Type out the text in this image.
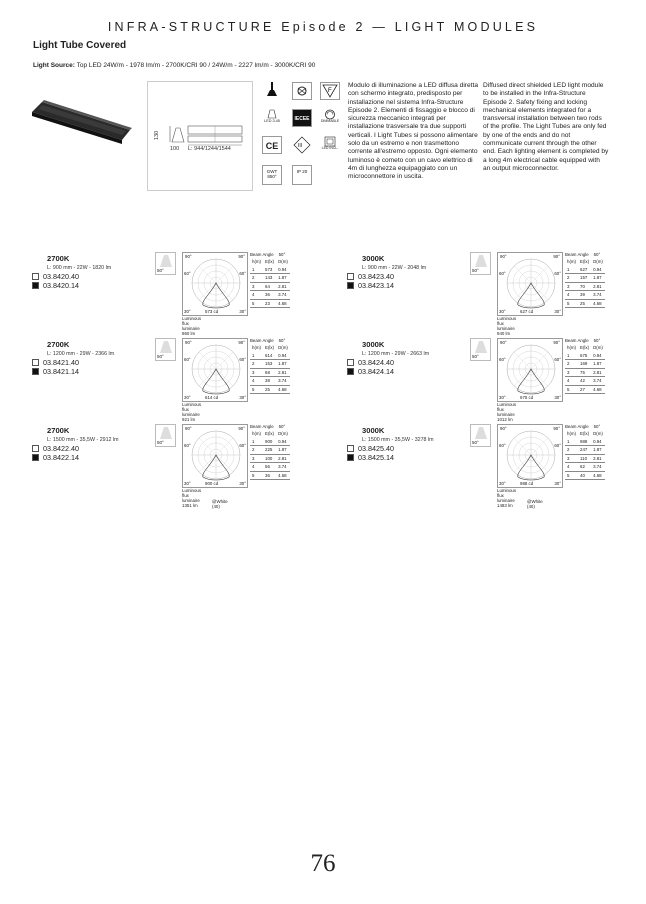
INFRA-STRUCTURE Episode 2 — LIGHT MODULES
Light Tube Covered
Light Source: Top LED 24W/m - 1978 lm/m - 2700K/CRI 90 / 24W/m - 2227 lm/m - 3000K/CRI 90
130
100 L: 944/1244/1544
F
LED 3.45	IECEE	DIMMABLE
CE	III	LED INCL.
GWT 850°
IP 20
Modulo di illuminazione a LED diffusa diretta con schermo integrato, predisposto per installazione nel sistema Infra-Structure Episode 2. Elementi di fissaggio e blocco di sicurezza meccanico integrati per installazione trasversale tra due supporti verticali. I Light Tubes si possono alimentare solo da un estremo e non trasmettono corrente all'estremo opposto. Ogni elemento luminoso è cometo con un cavo elettrico di 4m di lunghezza equipaggiato con un microconnettore in uscita.
Diffused direct shielded LED light module to be installed in the Infra-Structure Episode 2. Safety fixing and locking mechanical elements integrated for a transversal installation between two rods of the profile. The Light Tubes are only fed by one of the ends and do not communicate current through the other end. Each lighting element is completed by a long 4m electrical cable equipped with an output microconnector.
2700K
L: 900 mm - 22W - 1820 lm
03.8420.40
03.8420.14
50°
90°	90°
60°	60°
30°	30°
573 cd
Luminous flux luminaire
860 lm
Beam Angle 50°
h(m)	E(lx)	D(m)
1	573	0.94
2	143	1.87
3	64	2.81
4	36	3.74
5	23	4.68
3000K
L: 900 mm - 22W - 2048 lm
03.8423.40
03.8423.14
50°
90°	90°
60°	60°
30°	30°
627 cd
Luminous flux luminaire
940 lm
Beam Angle 50°
h(m)	E(lx)	D(m)
1	627	0.94
2	157	1.87
3	70	2.81
4	39	3.74
5	25	4.68
2700K
L: 1200 mm - 29W - 2366 lm
03.8421.40
03.8421.14
50°
90°	90°
60°	60°
30°	30°
614 cd
Luminous flux luminaire
921 lm
Beam Angle 50°
h(m)	E(lx)	D(m)
1	614	0.94
2	153	1.87
3	68	2.81
4	38	3.74
5	25	4.68
3000K
L: 1200 mm - 29W - 2663 lm
03.8424.40
03.8424.14
50°
90°	90°
60°	60°
30°	30°
675 cd
Luminous flux luminaire
1012 lm
Beam Angle 50°
h(m)	E(lx)	D(m)
1	675	0.94
2	169	1.87
3	75	2.81
4	42	3.74
5	27	4.68
2700K
L: 1500 mm - 35,5W - 2912 lm
03.8422.40
03.8422.14
50°
90°	90°
60°	60°
30°	30°
900 cd
Luminous flux luminaire
1351 lm
Beam Angle 50°
h(m)	E(lx)	D(m)
1	900	0.94
2	225	1.87
3	100	2.81
4	56	3.74
5	36	4.68
@White (40)
3000K
L: 1500 mm - 35,5W - 3278 lm
03.8425.40
03.8425.14
50°
90°	90°
60°	60°
30°	30°
988 cd
Luminous flux luminaire
1483 lm
Beam Angle 50°
h(m)	E(lx)	D(m)
1	988	0.94
2	247	1.87
3	110	2.81
4	62	3.74
5	40	4.68
@White (40)
76
